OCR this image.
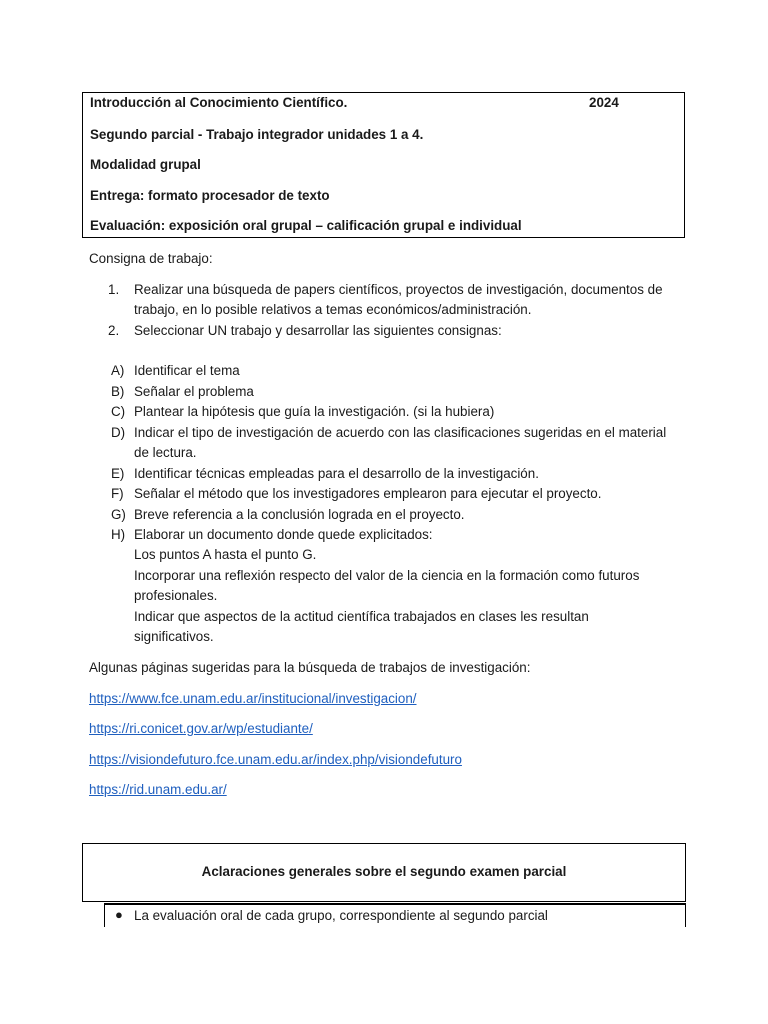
Introducción al Conocimiento Científico.	2024
Segundo parcial - Trabajo integrador unidades 1 a 4.
Modalidad grupal
Entrega: formato procesador de texto
Evaluación: exposición oral grupal – calificación grupal e individual
Consigna de trabajo:
1. Realizar una búsqueda de papers científicos, proyectos de investigación, documentos de
trabajo, en lo posible relativos a temas económicos/administración.
2. Seleccionar UN trabajo y desarrollar las siguientes consignas:
A) Identificar el tema
B) Señalar el problema
C) Plantear la hipótesis que guía la investigación. (si la hubiera)
D) Indicar el tipo de investigación de acuerdo con las clasificaciones sugeridas en el material
de lectura.
E) Identificar técnicas empleadas para el desarrollo de la investigación.
F) Señalar el método que los investigadores emplearon para ejecutar el proyecto.
G) Breve referencia a la conclusión lograda en el proyecto.
H) Elaborar un documento donde quede explicitados:
Los puntos A hasta el punto G.
Incorporar una reflexión respecto del valor de la ciencia en la formación como futuros
profesionales.
Indicar que aspectos de la actitud científica trabajados en clases les resultan
significativos.
Algunas páginas sugeridas para la búsqueda de trabajos de investigación:
https://www.fce.unam.edu.ar/institucional/investigacion/
https://ri.conicet.gov.ar/wp/estudiante/
https://visiondefuturo.fce.unam.edu.ar/index.php/visiondefuturo
https://rid.unam.edu.ar/
Aclaraciones generales sobre el segundo examen parcial
● La evaluación oral de cada grupo, correspondiente al segundo parcial
